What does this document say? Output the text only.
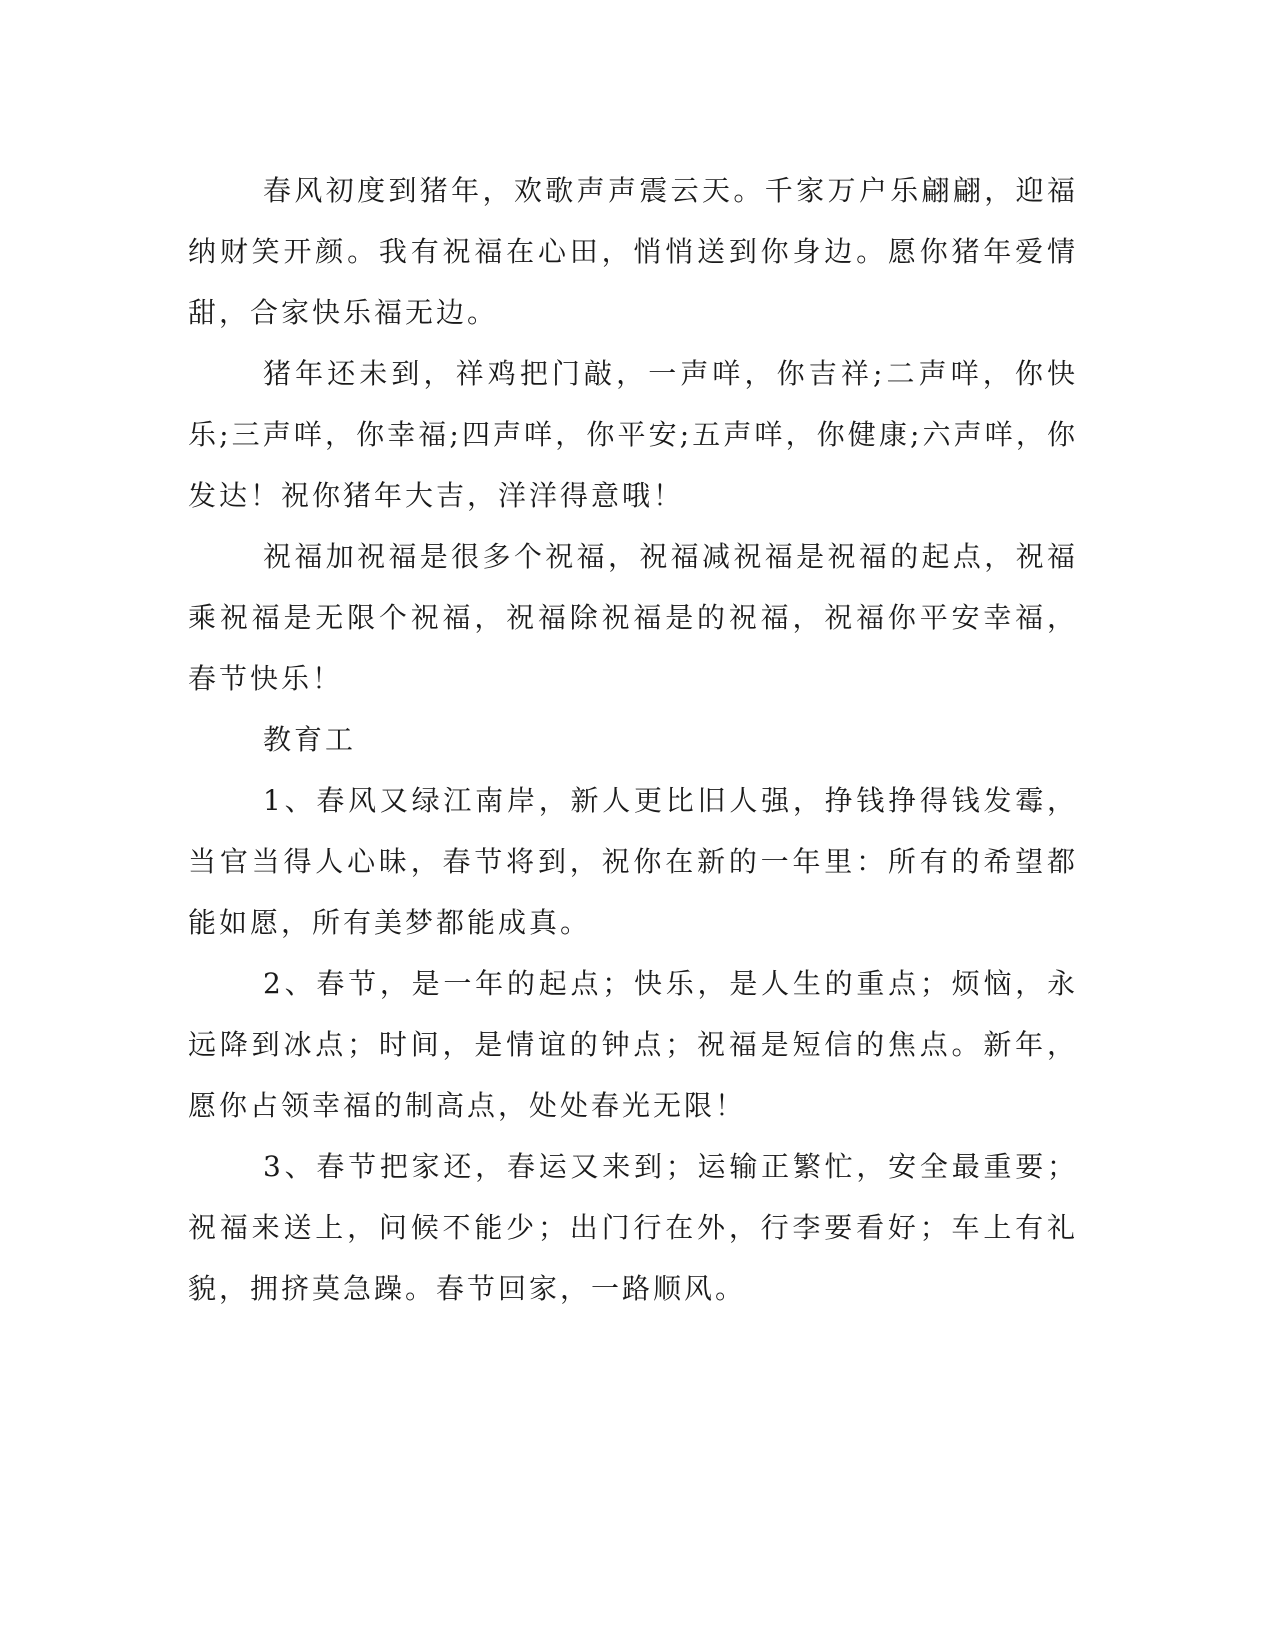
春风初度到猪年，欢歌声声震云天。千家万户乐翩翩，迎福纳财笑开颜。我有祝福在心田，悄悄送到你身边。愿你猪年爱情甜，合家快乐福无边。

猪年还未到，祥鸡把门敲，一声咩，你吉祥;二声咩，你快乐;三声咩，你幸福;四声咩，你平安;五声咩，你健康;六声咩，你发达！祝你猪年大吉，洋洋得意哦！

祝福加祝福是很多个祝福，祝福减祝福是祝福的起点，祝福乘祝福是无限个祝福，祝福除祝福是的祝福，祝福你平安幸福，春节快乐！

教育工

1、春风又绿江南岸，新人更比旧人强，挣钱挣得钱发霉，当官当得人心昧，春节将到，祝你在新的一年里：所有的希望都能如愿，所有美梦都能成真。

2、春节，是一年的起点；快乐，是人生的重点；烦恼，永远降到冰点；时间，是情谊的钟点；祝福是短信的焦点。新年，愿你占领幸福的制高点，处处春光无限！

3、春节把家还，春运又来到；运输正繁忙，安全最重要；祝福来送上，问候不能少；出门行在外，行李要看好；车上有礼貌，拥挤莫急躁。春节回家，一路顺风。
